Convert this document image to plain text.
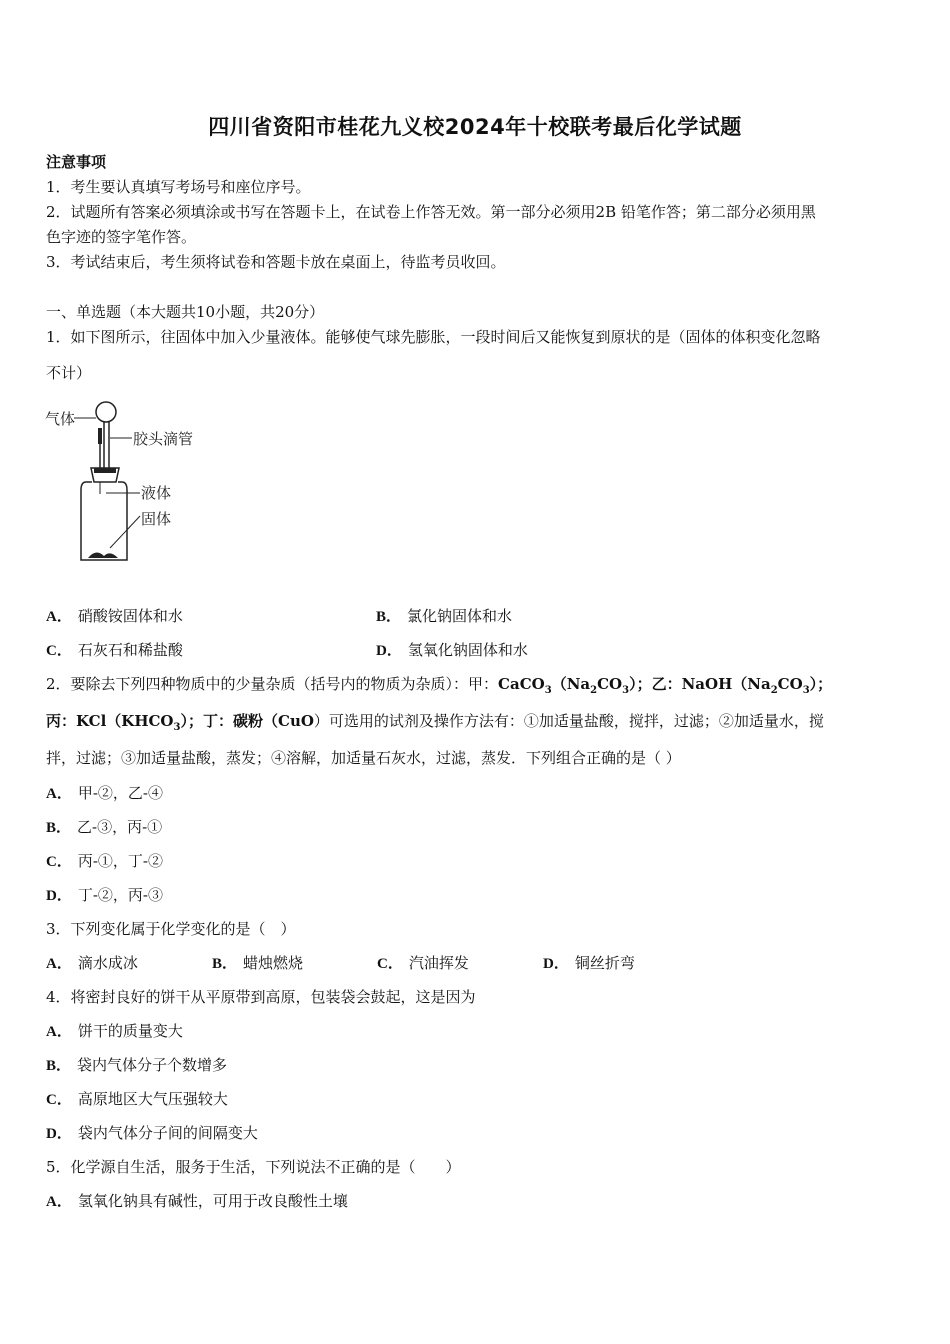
四川省资阳市桂花九义校2024年十校联考最后化学试题
注意事项
1．考生要认真填写考场号和座位序号。
2．试题所有答案必须填涂或书写在答题卡上，在试卷上作答无效。第一部分必须用2B 铅笔作答；第二部分必须用黑
色字迹的签字笔作答。
3．考试结束后，考生须将试卷和答题卡放在桌面上，待监考员收回。
一、单选题（本大题共10小题，共20分）
1．如下图所示，往固体中加入少量液体。能够使气球先膨胀，一段时间后又能恢复到原状的是（固体的体积变化忽略
不计）
气体
胶头滴管
液体
固体
A． 硝酸铵固体和水	B． 氯化钠固体和水
C． 石灰石和稀盐酸	D． 氢氧化钠固体和水
2．要除去下列四种物质中的少量杂质（括号内的物质为杂质）：甲：$CaCO_3(Na_2CO_3)$；乙：$NaOH(Na_2CO_3)$；
丙：$KCl(KHCO_3)$；丁：碳粉（CuO）可选用的试剂及操作方法有：①加适量盐酸，搅拌，过滤；②加适量水，搅
拌，过滤；③加适量盐酸，蒸发；④溶解，加适量石灰水，过滤，蒸发．下列组合正确的是（ ）
A． 甲-②，乙-④
B． 乙-③，丙-①
C． 丙-①，丁-②
D． 丁-②，丙-③
3．下列变化属于化学变化的是（　）
A． 滴水成冰	B． 蜡烛燃烧	C． 汽油挥发	D． 铜丝折弯
4．将密封良好的饼干从平原带到高原，包装袋会鼓起，这是因为
A． 饼干的质量变大
B． 袋内气体分子个数增多
C． 高原地区大气压强较大
D． 袋内气体分子间的间隔变大
5．化学源自生活，服务于生活，下列说法不正确的是（　　）
A． 氢氧化钠具有碱性，可用于改良酸性土壤
